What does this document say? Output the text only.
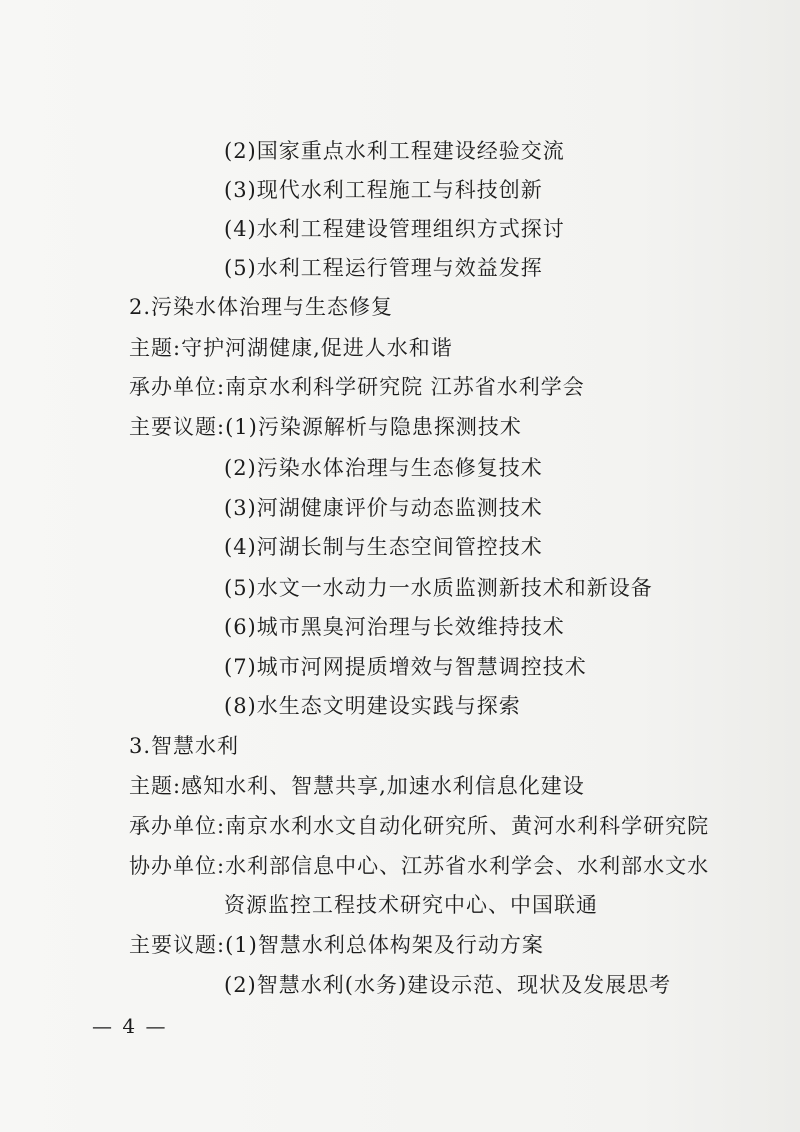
(2)国家重点水利工程建设经验交流
(3)现代水利工程施工与科技创新
(4)水利工程建设管理组织方式探讨
(5)水利工程运行管理与效益发挥
2.污染水体治理与生态修复
主题:守护河湖健康,促进人水和谐
承办单位:南京水利科学研究院 江苏省水利学会
主要议题:(1)污染源解析与隐患探测技术
(2)污染水体治理与生态修复技术
(3)河湖健康评价与动态监测技术
(4)河湖长制与生态空间管控技术
(5)水文一水动力一水质监测新技术和新设备
(6)城市黑臭河治理与长效维持技术
(7)城市河网提质增效与智慧调控技术
(8)水生态文明建设实践与探索
3.智慧水利
主题:感知水利、智慧共享,加速水利信息化建设
承办单位:南京水利水文自动化研究所、黄河水利科学研究院
协办单位:水利部信息中心、江苏省水利学会、水利部水文水
资源监控工程技术研究中心、中国联通
主要议题:(1)智慧水利总体构架及行动方案
(2)智慧水利(水务)建设示范、现状及发展思考
— 4 —
